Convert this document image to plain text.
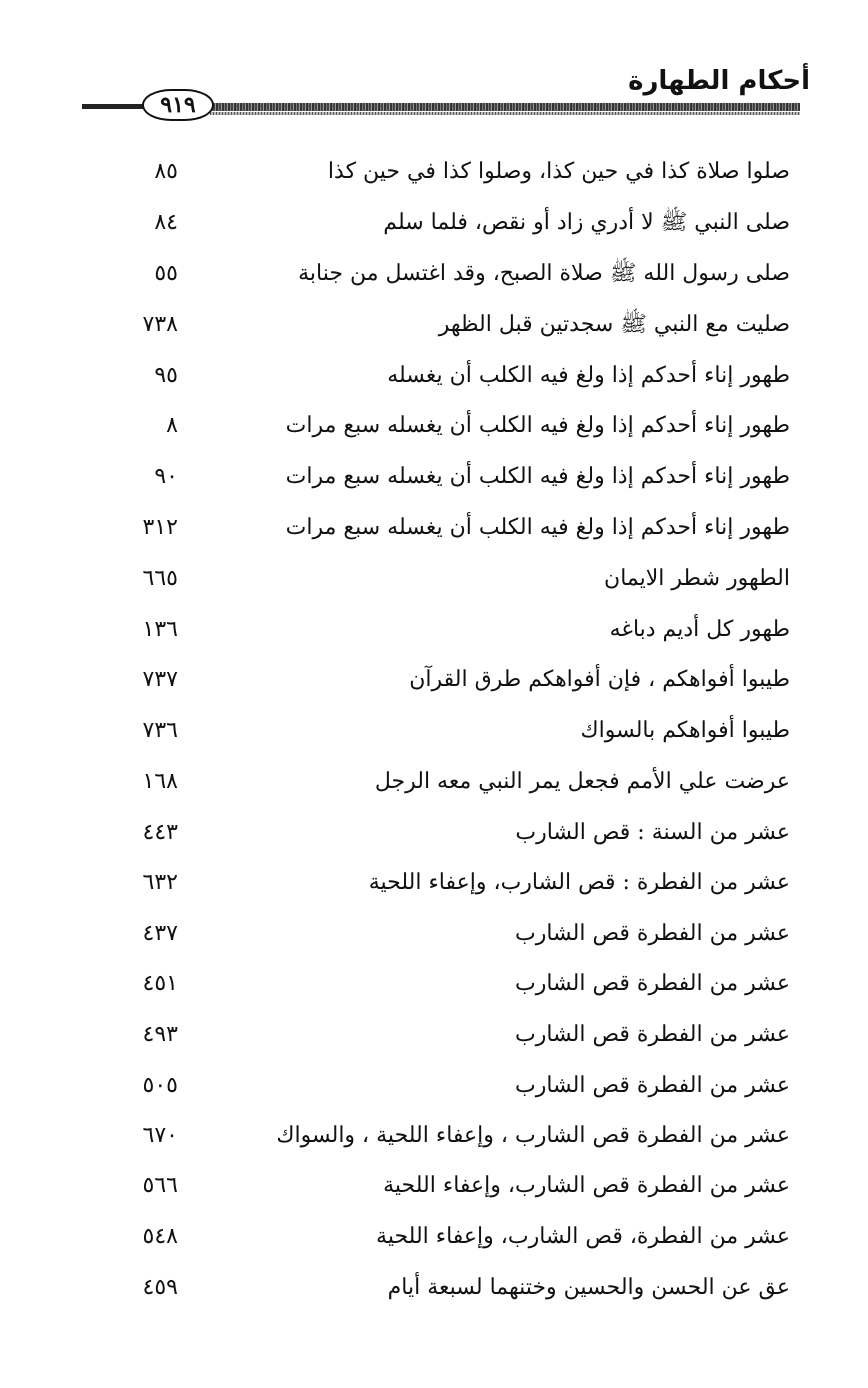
أحكام الطهارة
٩١٩
صلوا صلاة كذا في حين كذا، وصلوا كذا في حين كذا
٨٥
صلى النبي ﷺ لا أدري زاد أو نقص، فلما سلم
٨٤
صلى رسول الله ﷺ صلاة الصبح، وقد اغتسل من جنابة
٥٥
صليت مع النبي ﷺ سجدتين قبل الظهر
٧٣٨
طهور إناء أحدكم إذا ولغ فيه الكلب أن يغسله
٩٥
طهور إناء أحدكم إذا ولغ فيه الكلب أن يغسله سبع مرات
٨
طهور إناء أحدكم إذا ولغ فيه الكلب أن يغسله سبع مرات
٩٠
طهور إناء أحدكم إذا ولغ فيه الكلب أن يغسله سبع مرات
٣١٢
الطهور شطر الايمان
٦٦٥
طهور كل أديم دباغه
١٣٦
طيبوا أفواهكم ، فإن أفواهكم طرق القرآن
٧٣٧
طيبوا أفواهكم بالسواك
٧٣٦
عرضت علي الأمم فجعل يمر النبي معه الرجل
١٦٨
عشر من السنة : قص الشارب
٤٤٣
عشر من الفطرة : قص الشارب، وإعفاء اللحية
٦٣٢
عشر من الفطرة قص الشارب
٤٣٧
عشر من الفطرة قص الشارب
٤٥١
عشر من الفطرة قص الشارب
٤٩٣
عشر من الفطرة قص الشارب
٥٠٥
عشر من الفطرة قص الشارب ، وإعفاء اللحية ، والسواك
٦٧٠
عشر من الفطرة قص الشارب، وإعفاء اللحية
٥٦٦
عشر من الفطرة، قص الشارب، وإعفاء اللحية
٥٤٨
عق عن الحسن والحسين وختنهما لسبعة أيام
٤٥٩
